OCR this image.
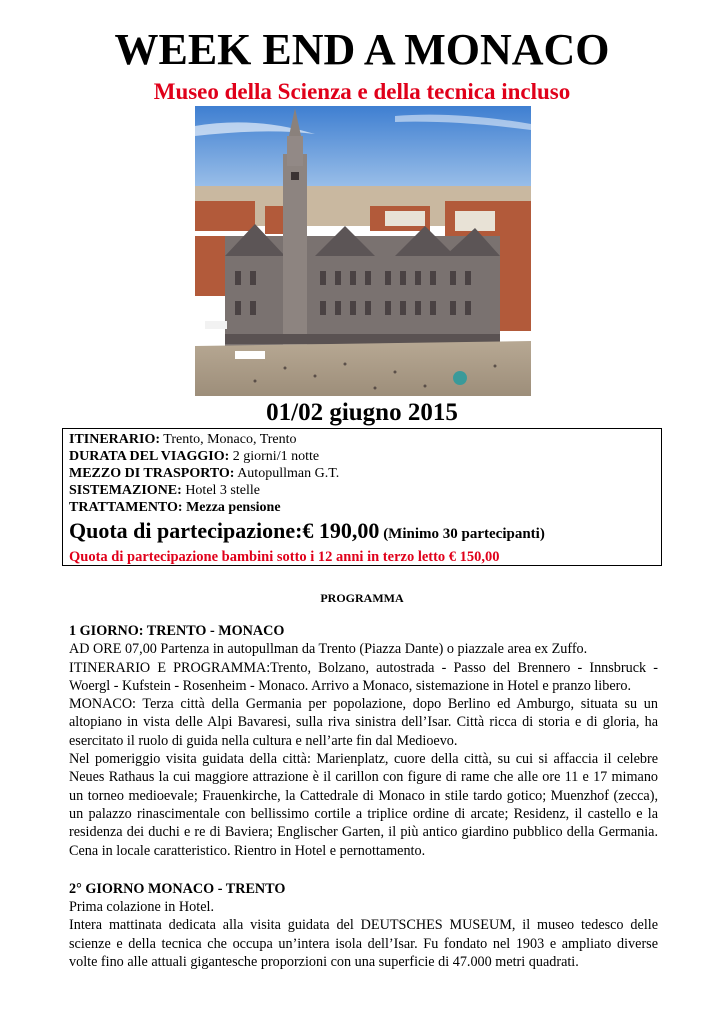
WEEK END A MONACO
Museo della Scienza e della tecnica incluso
01/02 giugno 2015
ITINERARIO: Trento, Monaco, Trento
DURATA DEL VIAGGIO: 2 giorni/1 notte
MEZZO DI TRASPORTO: Autopullman G.T.
SISTEMAZIONE: Hotel 3 stelle
TRATTAMENTO: Mezza pensione
Quota di partecipazione:€ 190,00 (Minimo 30 partecipanti)
Quota di partecipazione bambini sotto i 12 anni in terzo letto € 150,00
PROGRAMMA

1 GIORNO: TRENTO - MONACO

AD ORE 07,00 Partenza in autopullman da Trento (Piazza Dante) o piazzale area ex Zuffo.

ITINERARIO E PROGRAMMA:Trento, Bolzano, autostrada - Passo del Brennero - Innsbruck - Woergl - Kufstein - Rosenheim - Monaco. Arrivo a Monaco, sistemazione in Hotel e pranzo libero.

MONACO: Terza città della Germania per popolazione, dopo Berlino ed Amburgo, situata su un altopiano in vista delle Alpi Bavaresi, sulla riva sinistra dell’Isar. Città ricca di storia e di gloria, ha esercitato il ruolo di guida nella cultura e nell’arte fin dal Medioevo.

Nel pomeriggio visita guidata della città: Marienplatz, cuore della città, su cui si affaccia il celebre Neues Rathaus la cui maggiore attrazione è il carillon con figure di rame che alle ore 11 e 17 mimano un torneo medioevale; Frauenkirche, la Cattedrale di Monaco in stile tardo gotico; Muenzhof (zecca), un palazzo rinascimentale con bellissimo cortile a triplice ordine di arcate; Residenz, il castello e la residenza dei duchi e re di Baviera; Englischer Garten, il più antico giardino pubblico della Germania. Cena in locale caratteristico. Rientro in Hotel e pernottamento.

2° GIORNO MONACO - TRENTO

Prima colazione in Hotel.

Intera mattinata dedicata alla visita guidata del DEUTSCHES MUSEUM, il museo tedesco delle scienze e della tecnica che occupa un’intera isola dell’Isar. Fu fondato nel 1903 e ampliato diverse volte fino alle attuali gigantesche proporzioni con una superficie di 47.000 metri quadrati.
